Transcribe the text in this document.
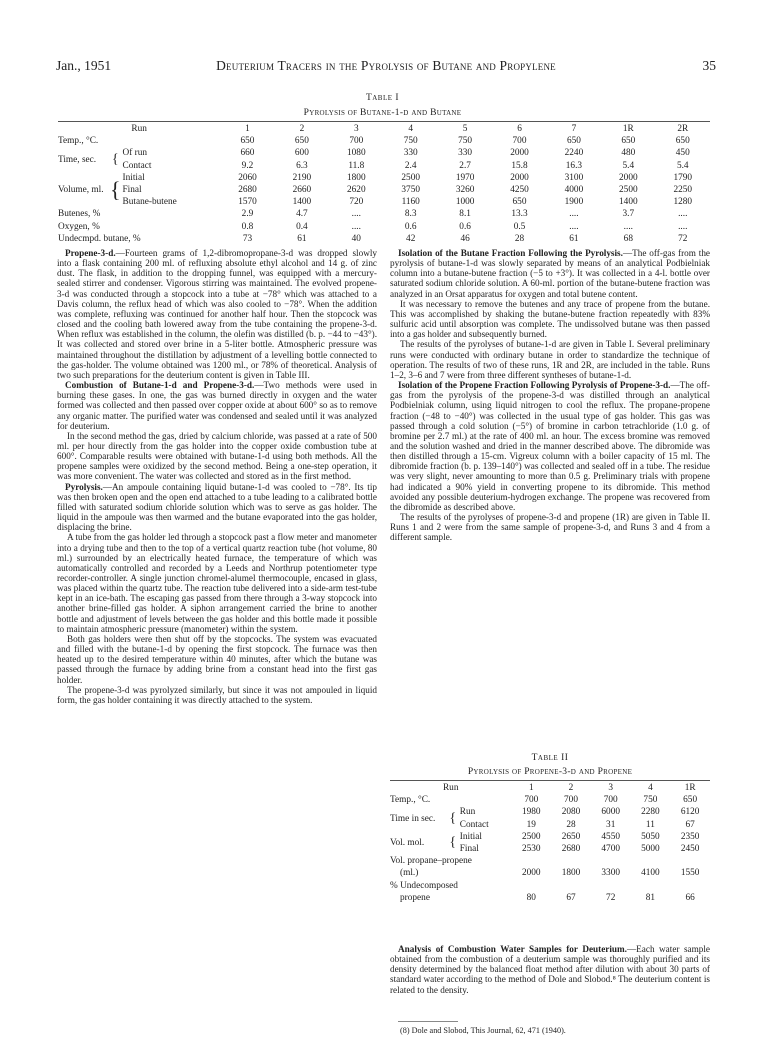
Jan., 1951	Deuterium Tracers in the Pyrolysis of Butane and Propylene	35
Table I
Pyrolysis of Butane-1-d and Butane
Run			1	2	3	4	5	6	7	1R	2R
Temp., °C.			650	650	700	750	750	700	650	650	650
Time, sec.	{	Of run	660	600	1080	330	330	2000	2240	480	450
		Contact	9.2	6.3	11.8	2.4	2.7	15.8	16.3	5.4	5.4
Volume, ml.	{	Initial	2060	2190	1800	2500	1970	2000	3100	2000	1790
		Final	2680	2660	2620	3750	3260	4250	4000	2500	2250
		Butane-butene	1570	1400	720	1160	1000	650	1900	1400	1280
Butenes, %			2.9	4.7	....	8.3	8.1	13.3	....	3.7	....
Oxygen, %			0.8	0.4	....	0.6	0.6	0.5	....	....	....
Undecmpd. butane, %			73	61	40	42	46	28	61	68	72

Propene-3-d.—Fourteen grams of 1,2-dibromopropane-3-d was dropped slowly into a flask containing 200 ml. of refluxing absolute ethyl alcohol and 14 g. of zinc dust. The flask, in addition to the dropping funnel, was equipped with a mercury-sealed stirrer and condenser. Vigorous stirring was maintained. The evolved propene-3-d was conducted through a stopcock into a tube at −78° which was attached to a Davis column, the reflux head of which was also cooled to −78°. When the addition was complete, refluxing was continued for another half hour. Then the stopcock was closed and the cooling bath lowered away from the tube containing the propene-3-d. When reflux was established in the column, the olefin was distilled (b. p. −44 to −43°). It was collected and stored over brine in a 5-liter bottle. Atmospheric pressure was maintained throughout the distillation by adjustment of a levelling bottle connected to the gas-holder. The volume obtained was 1200 ml., or 78% of theoretical. Analysis of two such preparations for the deuterium content is given in Table III.

Combustion of Butane-1-d and Propene-3-d.—Two methods were used in burning these gases. In one, the gas was burned directly in oxygen and the water formed was collected and then passed over copper oxide at about 600° so as to remove any organic matter. The purified water was condensed and sealed until it was analyzed for deuterium.

In the second method the gas, dried by calcium chloride, was passed at a rate of 500 ml. per hour directly from the gas holder into the copper oxide combustion tube at 600°. Comparable results were obtained with butane-1-d using both methods. All the propene samples were oxidized by the second method. Being a one-step operation, it was more convenient. The water was collected and stored as in the first method.

Pyrolysis.—An ampoule containing liquid butane-1-d was cooled to −78°. Its tip was then broken open and the open end attached to a tube leading to a calibrated bottle filled with saturated sodium chloride solution which was to serve as gas holder. The liquid in the ampoule was then warmed and the butane evaporated into the gas holder, displacing the brine.

A tube from the gas holder led through a stopcock past a flow meter and manometer into a drying tube and then to the top of a vertical quartz reaction tube (hot volume, 80 ml.) surrounded by an electrically heated furnace, the temperature of which was automatically controlled and recorded by a Leeds and Northrup potentiometer type recorder-controller. A single junction chromel-alumel thermocouple, encased in glass, was placed within the quartz tube. The reaction tube delivered into a side-arm test-tube kept in an ice-bath. The escaping gas passed from there through a 3-way stopcock into another brine-filled gas holder. A siphon arrangement carried the brine to another bottle and adjustment of levels between the gas holder and this bottle made it possible to maintain atmospheric pressure (manometer) within the system.

Both gas holders were then shut off by the stopcocks. The system was evacuated and filled with the butane-1-d by opening the first stopcock. The furnace was then heated up to the desired temperature within 40 minutes, after which the butane was passed through the furnace by adding brine from a constant head into the first gas holder.

The propene-3-d was pyrolyzed similarly, but since it was not ampouled in liquid form, the gas holder containing it was directly attached to the system.

Isolation of the Butane Fraction Following the Pyrolysis.—The off-gas from the pyrolysis of butane-1-d was slowly separated by means of an analytical Podbielniak column into a butane-butene fraction (−5 to +3°). It was collected in a 4-l. bottle over saturated sodium chloride solution. A 60-ml. portion of the butane-butene fraction was analyzed in an Orsat apparatus for oxygen and total butene content.

It was necessary to remove the butenes and any trace of propene from the butane. This was accomplished by shaking the butane-butene fraction repeatedly with 83% sulfuric acid until absorption was complete. The undissolved butane was then passed into a gas holder and subsequently burned.

The results of the pyrolyses of butane-1-d are given in Table I. Several preliminary runs were conducted with ordinary butane in order to standardize the technique of operation. The results of two of these runs, 1R and 2R, are included in the table. Runs 1–2, 3–6 and 7 were from three different syntheses of butane-1-d.

Isolation of the Propene Fraction Following Pyrolysis of Propene-3-d.—The off-gas from the pyrolysis of the propene-3-d was distilled through an analytical Podbielniak column, using liquid nitrogen to cool the reflux. The propane-propene fraction (−48 to −40°) was collected in the usual type of gas holder. This gas was passed through a cold solution (−5°) of bromine in carbon tetrachloride (1.0 g. of bromine per 2.7 ml.) at the rate of 400 ml. an hour. The excess bromine was removed and the solution washed and dried in the manner described above. The dibromide was then distilled through a 15-cm. Vigreux column with a boiler capacity of 15 ml. The dibromide fraction (b. p. 139–140°) was collected and sealed off in a tube. The residue was very slight, never amounting to more than 0.5 g. Preliminary trials with propene had indicated a 90% yield in converting propene to its dibromide. This method avoided any possible deuterium-hydrogen exchange. The propene was recovered from the dibromide as described above.

The results of the pyrolyses of propene-3-d and propene (1R) are given in Table II. Runs 1 and 2 were from the same sample of propene-3-d, and Runs 3 and 4 from a different sample.

Table II
Pyrolysis of Propene-3-d and Propene
Run			1	2	3	4	1R
Temp., °C.			700	700	700	750	650
Time in sec.	{	Run	1980	2080	6000	2280	6120
		Contact	19	28	31	11	67
Vol. mol.	{	Initial	2500	2650	4550	5050	2350
		Final	2530	2680	4700	5000	2450
Vol. propane–propene							
(ml.)			2000	1800	3300	4100	1550
% Undecomposed							
propene			80	67	72	81	66

Analysis of Combustion Water Samples for Deuterium.—Each water sample obtained from the combustion of a deuterium sample was thoroughly purified and its density determined by the balanced float method after dilution with about 30 parts of standard water according to the method of Dole and Slobod.⁸ The deuterium content is related to the density.

(8) Dole and Slobod, This Journal, 62, 471 (1940).
